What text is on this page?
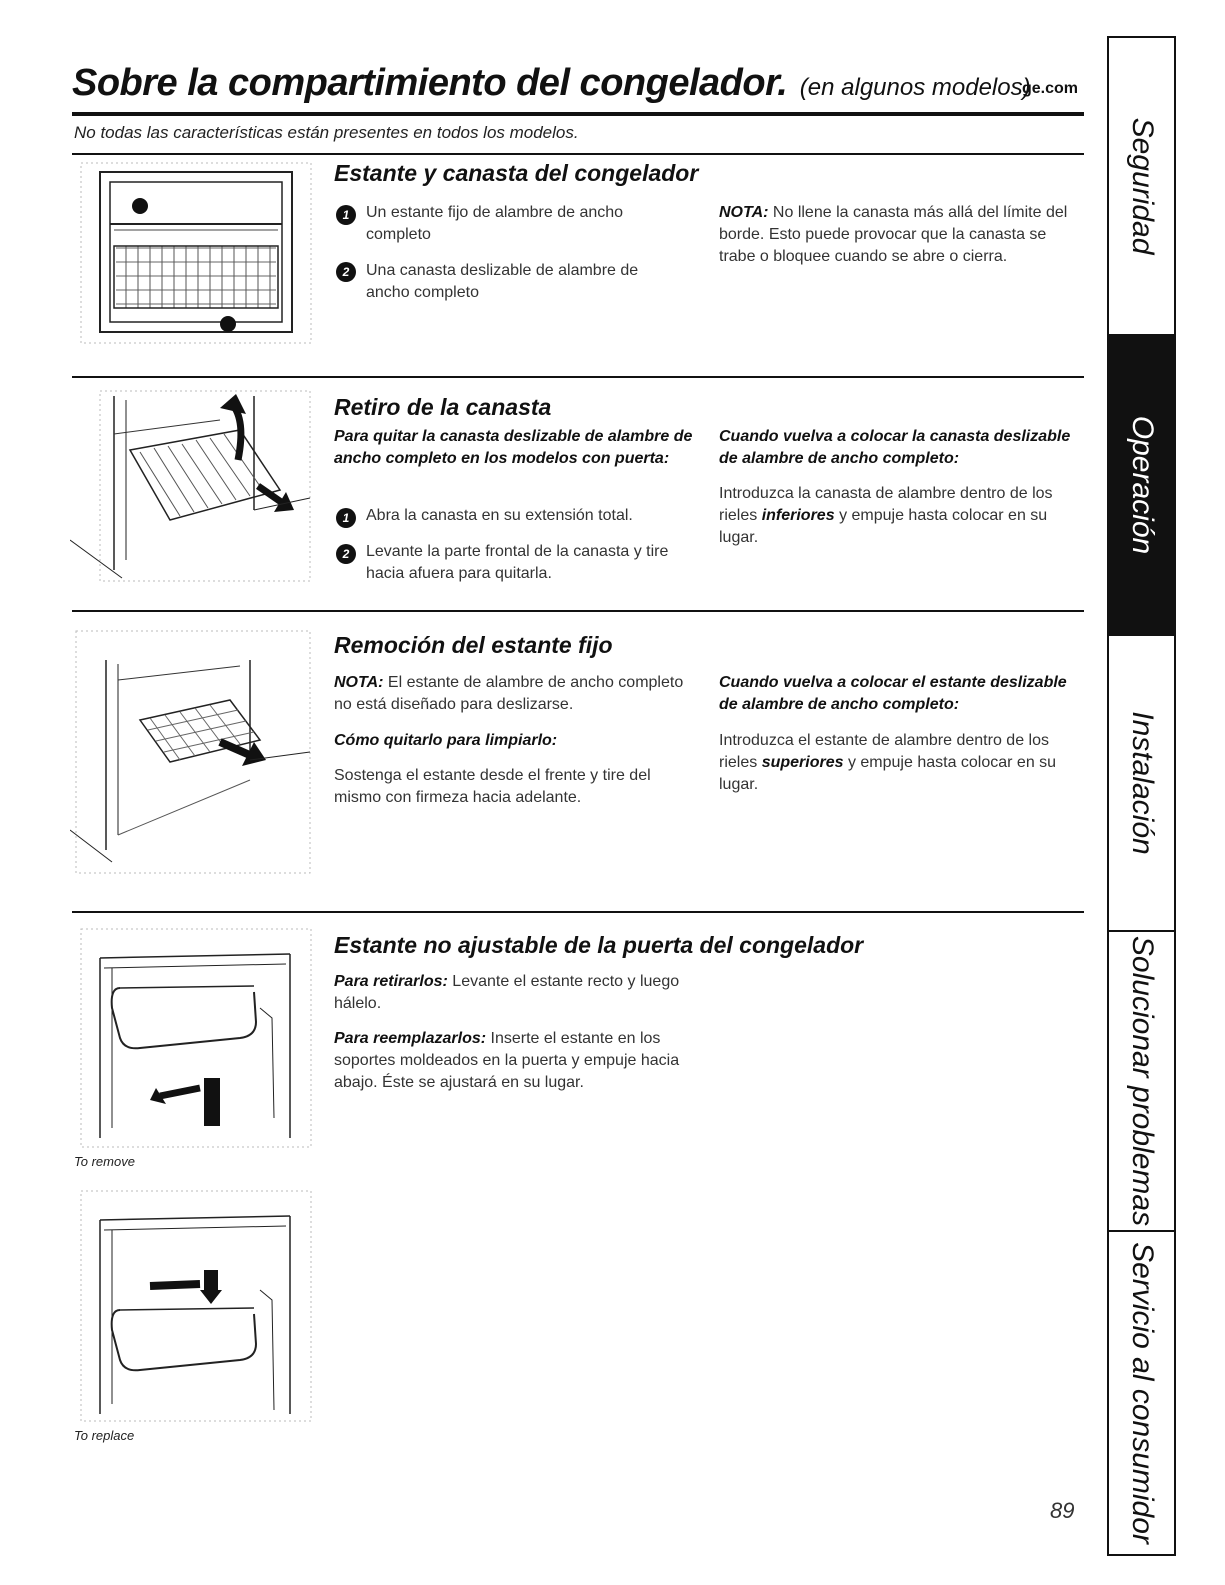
Sobre la compartimiento del congelador. (en algunos modelos)
ge.com
No todas las características están presentes en todos los modelos.
Estante y canasta del congelador
1	Un estante fijo de alambre de ancho completo
2	Una canasta deslizable de alambre de ancho completo
NOTA: No llene la canasta más allá del límite del borde. Esto puede provocar que la canasta se trabe o bloquee cuando se abre o cierra.
Retiro de la canasta
Para quitar la canasta deslizable de alambre de ancho completo en los modelos con puerta:
1	Abra la canasta en su extensión total.
2	Levante la parte frontal de la canasta y tire hacia afuera para quitarla.
Cuando vuelva a colocar la canasta deslizable de alambre de ancho completo:
Introduzca la canasta de alambre dentro de los rieles inferiores y empuje hasta colocar en su lugar.
Remoción del estante fijo
NOTA: El estante de alambre de ancho completo no está diseñado para deslizarse.
Cómo quitarlo para limpiarlo:
Sostenga el estante desde el frente y tire del mismo con firmeza hacia adelante.
Cuando vuelva a colocar el estante deslizable de alambre de ancho completo:
Introduzca el estante de alambre dentro de los rieles superiores y empuje hasta colocar en su lugar.
To remove
To replace
Estante no ajustable de la puerta del congelador
Para retirarlos: Levante el estante recto y luego hálelo.
Para reemplazarlos: Inserte el estante en los soportes moldeados en la puerta y empuje hacia abajo. Éste se ajustará en su lugar.
Seguridad
Operación
Instalación
Solucionar problemas
Servicio al consumidor
89
